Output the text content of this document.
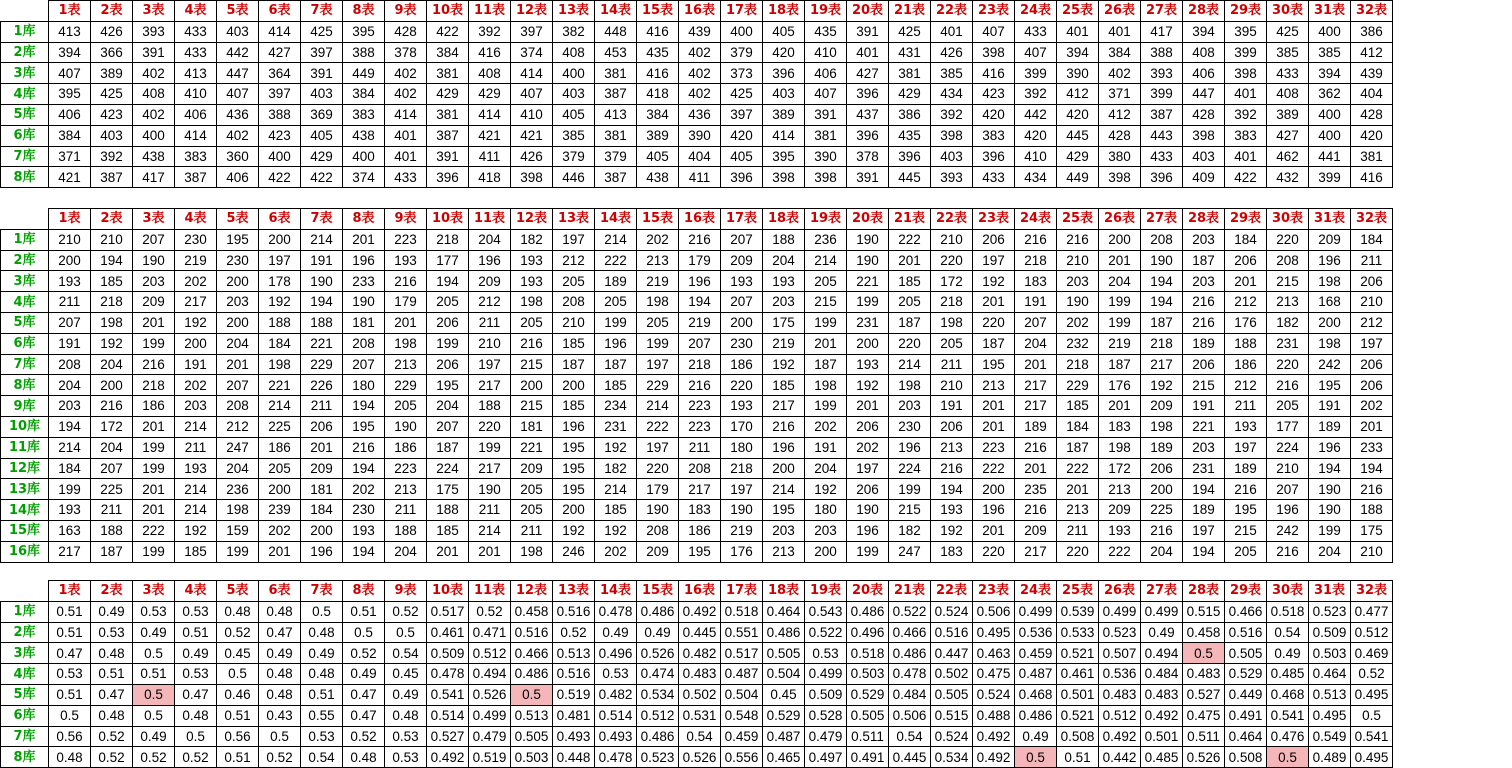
	1表	2表	3表	4表	5表	6表	7表	8表	9表	10表	11表	12表	13表	14表	15表	16表	17表	18表	19表	20表	21表	22表	23表	24表	25表	26表	27表	28表	29表	30表	31表	32表
1库	413	426	393	433	403	414	425	395	428	422	392	397	382	448	416	439	400	405	435	391	425	401	407	433	401	401	417	394	395	425	400	386
2库	394	366	391	433	442	427	397	388	378	384	416	374	408	453	435	402	379	420	410	401	431	426	398	407	394	384	388	408	399	385	385	412
3库	407	389	402	413	447	364	391	449	402	381	408	414	400	381	416	402	373	396	406	427	381	385	416	399	390	402	393	406	398	433	394	439
4库	395	425	408	410	407	397	403	384	402	429	429	407	403	387	418	402	425	403	407	396	429	434	423	392	412	371	399	447	401	408	362	404
5库	406	423	402	406	436	388	369	383	414	381	414	410	405	413	384	436	397	389	391	437	386	392	420	442	420	412	387	428	392	389	400	428
6库	384	403	400	414	402	423	405	438	401	387	421	421	385	381	389	390	420	414	381	396	435	398	383	420	445	428	443	398	383	427	400	420
7库	371	392	438	383	360	400	429	400	401	391	411	426	379	379	405	404	405	395	390	378	396	403	396	410	429	380	433	403	401	462	441	381
8库	421	387	417	387	406	422	422	374	433	396	418	398	446	387	438	411	396	398	398	391	445	393	433	434	449	398	396	409	422	432	399	416
	1表	2表	3表	4表	5表	6表	7表	8表	9表	10表	11表	12表	13表	14表	15表	16表	17表	18表	19表	20表	21表	22表	23表	24表	25表	26表	27表	28表	29表	30表	31表	32表
1库	210	210	207	230	195	200	214	201	223	218	204	182	197	214	202	216	207	188	236	190	222	210	206	216	216	200	208	203	184	220	209	184
2库	200	194	190	219	230	197	191	196	193	177	196	193	212	222	213	179	209	204	214	190	201	220	197	218	210	201	190	187	206	208	196	211
3库	193	185	203	202	200	178	190	233	216	194	209	193	205	189	219	196	193	193	205	221	185	172	192	183	203	204	194	203	201	215	198	206
4库	211	218	209	217	203	192	194	190	179	205	212	198	208	205	198	194	207	203	215	199	205	218	201	191	190	199	194	216	212	213	168	210
5库	207	198	201	192	200	188	188	181	201	206	211	205	210	199	205	219	200	175	199	231	187	198	220	207	202	199	187	216	176	182	200	212
6库	191	192	199	200	204	184	221	208	198	199	210	216	185	196	199	207	230	219	201	200	220	205	187	204	232	219	218	189	188	231	198	197
7库	208	204	216	191	201	198	229	207	213	206	197	215	187	187	197	218	186	192	187	193	214	211	195	201	218	187	217	206	186	220	242	206
8库	204	200	218	202	207	221	226	180	229	195	217	200	200	185	229	216	220	185	198	192	198	210	213	217	229	176	192	215	212	216	195	206
9库	203	216	186	203	208	214	211	194	205	204	188	215	185	234	214	223	193	217	199	201	203	191	201	217	185	201	209	191	211	205	191	202
10库	194	172	201	214	212	225	206	195	190	207	220	181	196	231	222	223	170	216	202	206	230	206	201	189	184	183	198	221	193	177	189	201
11库	214	204	199	211	247	186	201	216	186	187	199	221	195	192	197	211	180	196	191	202	196	213	223	216	187	198	189	203	197	224	196	233
12库	184	207	199	193	204	205	209	194	223	224	217	209	195	182	220	208	218	200	204	197	224	216	222	201	222	172	206	231	189	210	194	194
13库	199	225	201	214	236	200	181	202	213	175	190	205	195	214	179	217	197	214	192	206	199	194	200	235	201	213	200	194	216	207	190	216
14库	193	211	201	214	198	239	184	230	211	188	211	205	200	185	190	183	190	195	180	190	215	193	196	216	213	209	225	189	195	196	190	188
15库	163	188	222	192	159	202	200	193	188	185	214	211	192	192	208	186	219	203	203	196	182	192	201	209	211	193	216	197	215	242	199	175
16库	217	187	199	185	199	201	196	194	204	201	201	198	246	202	209	195	176	213	200	199	247	183	220	217	220	222	204	194	205	216	204	210
	1表	2表	3表	4表	5表	6表	7表	8表	9表	10表	11表	12表	13表	14表	15表	16表	17表	18表	19表	20表	21表	22表	23表	24表	25表	26表	27表	28表	29表	30表	31表	32表
1库	0.51	0.49	0.53	0.53	0.48	0.48	0.5	0.51	0.52	0.517	0.52	0.458	0.516	0.478	0.486	0.492	0.518	0.464	0.543	0.486	0.522	0.524	0.506	0.499	0.539	0.499	0.499	0.515	0.466	0.518	0.523	0.477
2库	0.51	0.53	0.49	0.51	0.52	0.47	0.48	0.5	0.5	0.461	0.471	0.516	0.52	0.49	0.49	0.445	0.551	0.486	0.522	0.496	0.466	0.516	0.495	0.536	0.533	0.523	0.49	0.458	0.516	0.54	0.509	0.512
3库	0.47	0.48	0.5	0.49	0.45	0.49	0.49	0.52	0.54	0.509	0.512	0.466	0.513	0.496	0.526	0.482	0.517	0.505	0.53	0.518	0.486	0.447	0.463	0.459	0.521	0.507	0.494	0.5	0.505	0.49	0.503	0.469
4库	0.53	0.51	0.51	0.53	0.5	0.48	0.48	0.49	0.45	0.478	0.494	0.486	0.516	0.53	0.474	0.483	0.487	0.504	0.499	0.503	0.478	0.502	0.475	0.487	0.461	0.536	0.484	0.483	0.529	0.485	0.464	0.52
5库	0.51	0.47	0.5	0.47	0.46	0.48	0.51	0.47	0.49	0.541	0.526	0.5	0.519	0.482	0.534	0.502	0.504	0.45	0.509	0.529	0.484	0.505	0.524	0.468	0.501	0.483	0.483	0.527	0.449	0.468	0.513	0.495
6库	0.5	0.48	0.5	0.48	0.51	0.43	0.55	0.47	0.48	0.514	0.499	0.513	0.481	0.514	0.512	0.531	0.548	0.529	0.528	0.505	0.506	0.515	0.488	0.486	0.521	0.512	0.492	0.475	0.491	0.541	0.495	0.5
7库	0.56	0.52	0.49	0.5	0.56	0.5	0.53	0.52	0.53	0.527	0.479	0.505	0.493	0.493	0.486	0.54	0.459	0.487	0.479	0.511	0.54	0.524	0.492	0.49	0.508	0.492	0.501	0.511	0.464	0.476	0.549	0.541
8库	0.48	0.52	0.52	0.52	0.51	0.52	0.54	0.48	0.53	0.492	0.519	0.503	0.448	0.478	0.523	0.526	0.556	0.465	0.497	0.491	0.445	0.534	0.492	0.5	0.51	0.442	0.485	0.526	0.508	0.5	0.489	0.495
